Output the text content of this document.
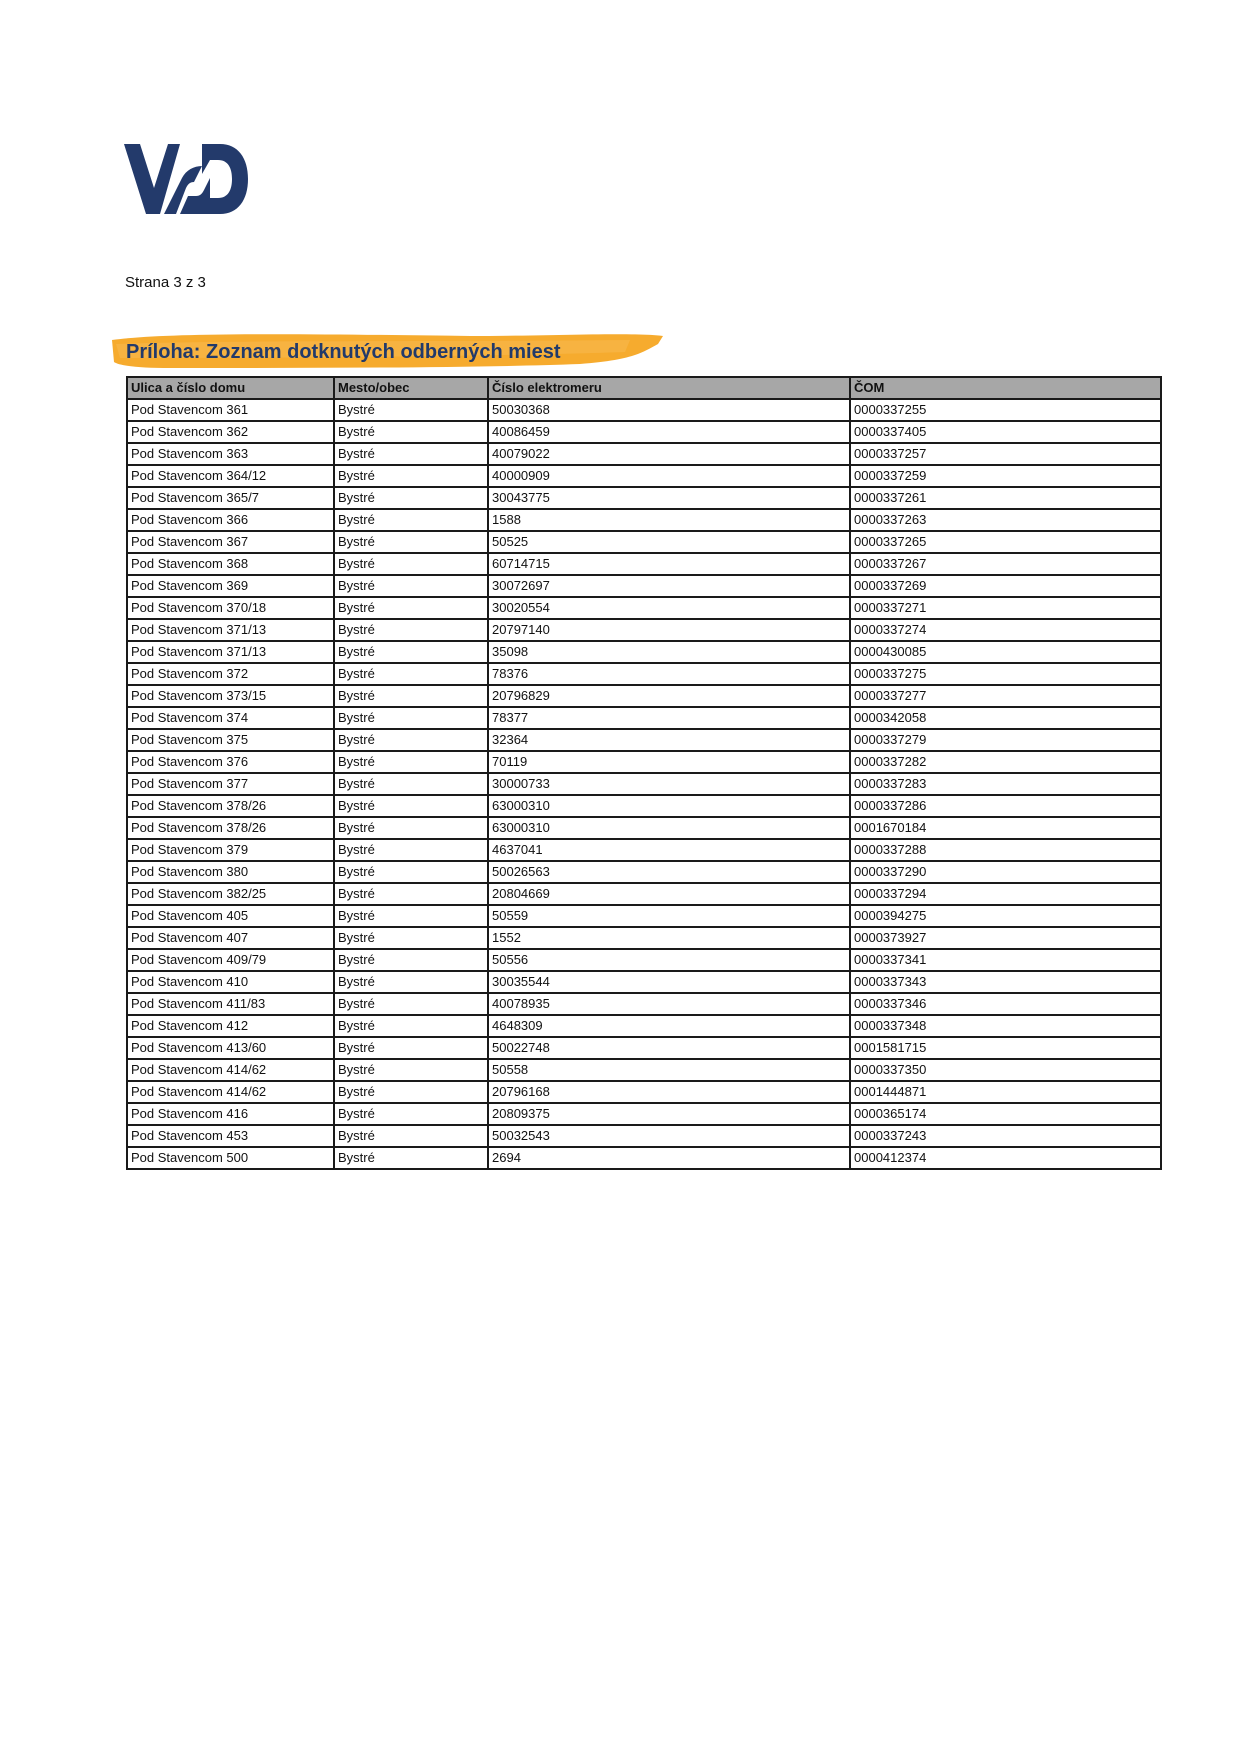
Strana 3 z 3
Príloha: Zoznam dotknutých odberných miest
Ulica a číslo domu	Mesto/obec	Číslo elektromeru	ČOM
Pod Stavencom 361	Bystré	50030368	0000337255
Pod Stavencom 362	Bystré	40086459	0000337405
Pod Stavencom 363	Bystré	40079022	0000337257
Pod Stavencom 364/12	Bystré	40000909	0000337259
Pod Stavencom 365/7	Bystré	30043775	0000337261
Pod Stavencom 366	Bystré	1588	0000337263
Pod Stavencom 367	Bystré	50525	0000337265
Pod Stavencom 368	Bystré	60714715	0000337267
Pod Stavencom 369	Bystré	30072697	0000337269
Pod Stavencom 370/18	Bystré	30020554	0000337271
Pod Stavencom 371/13	Bystré	20797140	0000337274
Pod Stavencom 371/13	Bystré	35098	0000430085
Pod Stavencom 372	Bystré	78376	0000337275
Pod Stavencom 373/15	Bystré	20796829	0000337277
Pod Stavencom 374	Bystré	78377	0000342058
Pod Stavencom 375	Bystré	32364	0000337279
Pod Stavencom 376	Bystré	70119	0000337282
Pod Stavencom 377	Bystré	30000733	0000337283
Pod Stavencom 378/26	Bystré	63000310	0000337286
Pod Stavencom 378/26	Bystré	63000310	0001670184
Pod Stavencom 379	Bystré	4637041	0000337288
Pod Stavencom 380	Bystré	50026563	0000337290
Pod Stavencom 382/25	Bystré	20804669	0000337294
Pod Stavencom 405	Bystré	50559	0000394275
Pod Stavencom 407	Bystré	1552	0000373927
Pod Stavencom 409/79	Bystré	50556	0000337341
Pod Stavencom 410	Bystré	30035544	0000337343
Pod Stavencom 411/83	Bystré	40078935	0000337346
Pod Stavencom 412	Bystré	4648309	0000337348
Pod Stavencom 413/60	Bystré	50022748	0001581715
Pod Stavencom 414/62	Bystré	50558	0000337350
Pod Stavencom 414/62	Bystré	20796168	0001444871
Pod Stavencom 416	Bystré	20809375	0000365174
Pod Stavencom 453	Bystré	50032543	0000337243
Pod Stavencom 500	Bystré	2694	0000412374
